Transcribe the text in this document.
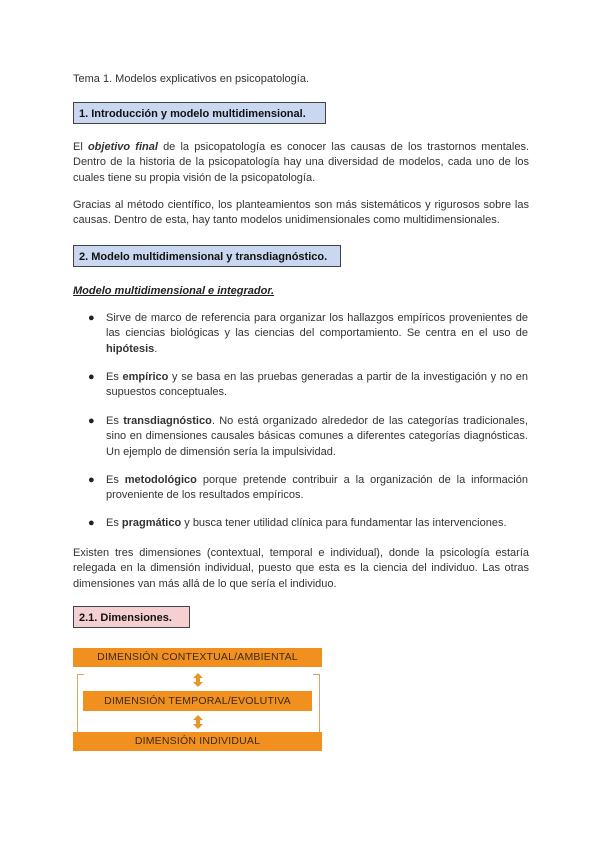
Tema 1. Modelos explicativos en psicopatología.
1. Introducción y modelo multidimensional.

El objetivo final de la psicopatología es conocer las causas de los trastornos mentales. Dentro de la historia de la psicopatología hay una diversidad de modelos, cada uno de los cuales tiene su propia visión de la psicopatología.

Gracias al método científico, los planteamientos son más sistemáticos y rigurosos sobre las causas. Dentro de esta, hay tanto modelos unidimensionales como multidimensionales.

2. Modelo multidimensional y transdiagnóstico.
Modelo multidimensional e integrador.
● Sirve de marco de referencia para organizar los hallazgos empíricos provenientes de las ciencias biológicas y las ciencias del comportamiento. Se centra en el uso de hipótesis.
● Es empírico y se basa en las pruebas generadas a partir de la investigación y no en supuestos conceptuales.
● Es transdiagnóstico. No está organizado alrededor de las categorías tradicionales, sino en dimensiones causales básicas comunes a diferentes categorías diagnósticas. Un ejemplo de dimensión sería la impulsividad.
● Es metodológico porque pretende contribuir a la organización de la información proveniente de los resultados empíricos.
● Es pragmático y busca tener utilidad clínica para fundamentar las intervenciones.

Existen tres dimensiones (contextual, temporal e individual), donde la psicología estaría relegada en la dimensión individual, puesto que esta es la ciencia del individuo. Las otras dimensiones van más allá de lo que sería el individuo.

2.1. Dimensiones.
DIMENSIÓN CONTEXTUAL/AMBIENTAL
DIMENSIÓN TEMPORAL/EVOLUTIVA
DIMENSIÓN INDIVIDUAL
